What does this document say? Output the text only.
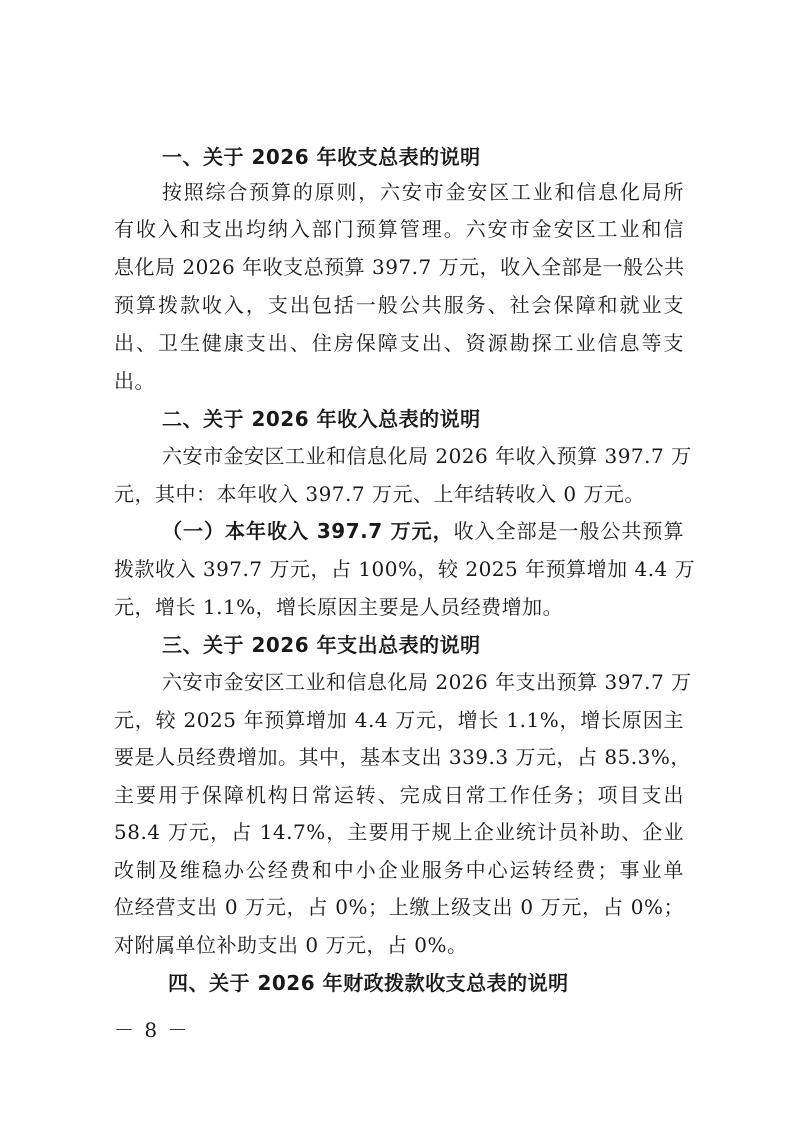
一、关于 2026 年收支总表的说明
按照综合预算的原则，六安市金安区工业和信息化局所
有收入和支出均纳入部门预算管理。六安市金安区工业和信
息化局 2026 年收支总预算 397.7 万元，收入全部是一般公共
预算拨款收入，支出包括一般公共服务、社会保障和就业支
出、卫生健康支出、住房保障支出、资源勘探工业信息等支
出。
二、关于 2026 年收入总表的说明
六安市金安区工业和信息化局 2026 年收入预算 397.7 万
元，其中：本年收入 397.7 万元、上年结转收入 0 万元。
（一）本年收入 397.7 万元，收入全部是一般公共预算
拨款收入 397.7 万元，占 100%，较 2025 年预算增加 4.4 万
元，增长 1.1%，增长原因主要是人员经费增加。
三、关于 2026 年支出总表的说明
六安市金安区工业和信息化局 2026 年支出预算 397.7 万
元，较 2025 年预算增加 4.4 万元，增长 1.1%，增长原因主
要是人员经费增加。其中，基本支出 339.3 万元，占 85.3%，
主要用于保障机构日常运转、完成日常工作任务；项目支出
58.4 万元，占 14.7%，主要用于规上企业统计员补助、企业
改制及维稳办公经费和中小企业服务中心运转经费；事业单
位经营支出 0 万元，占 0%；上缴上级支出 0 万元，占 0%；
对附属单位补助支出 0 万元，占 0%。
四、关于 2026 年财政拨款收支总表的说明
－ 8 －
